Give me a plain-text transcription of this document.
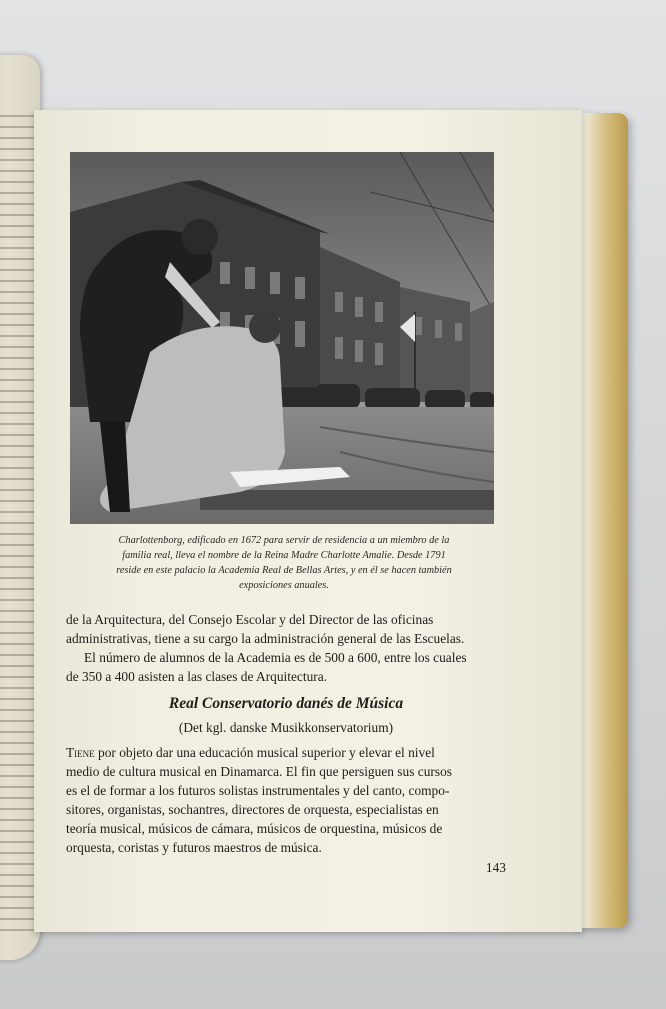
Charlottenborg, edificado en 1672 para servir de residencia a un miembro de la
familia real, lleva el nombre de la Reina Madre Charlotte Amalie. Desde 1791
reside en este palacio la Academia Real de Bellas Artes, y en él se hacen también
exposiciones anuales.

de la Arquitectura, del Consejo Escolar y del Director de las oficinas
administrativas, tiene a su cargo la administración general de las Escuelas.
El número de alumnos de la Academia es de 500 a 600, entre los cuales
de 350 a 400 asisten a las clases de Arquitectura.

Real Conservatorio danés de Música

(Det kgl. danske Musikkonservatorium)

Tiene por objeto dar una educación musical superior y elevar el nivel
medio de cultura musical en Dinamarca. El fin que persiguen sus cursos
es el de formar a los futuros solistas instrumentales y del canto, compo-
sitores, organistas, sochantres, directores de orquesta, especialistas en
teoría musical, músicos de cámara, músicos de orquestina, músicos de
orquesta, coristas y futuros maestros de música.

143
